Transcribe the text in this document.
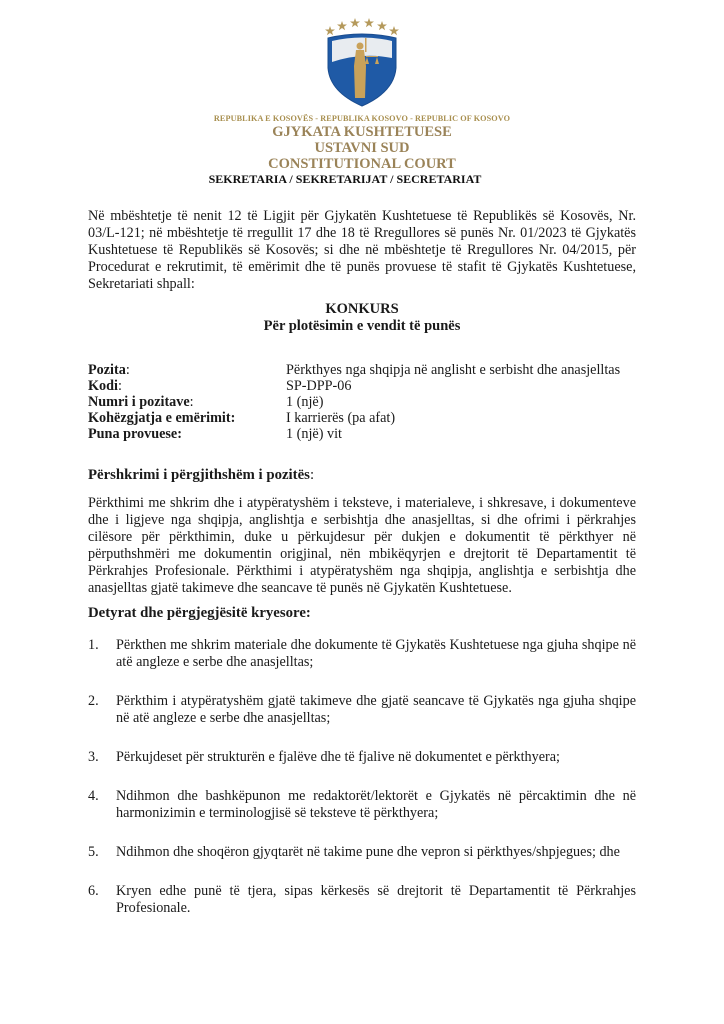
REPUBLIKA E KOSOVËS - REPUBLIKA KOSOVO - REPUBLIC OF KOSOVO
GJYKATA KUSHTETUESE
USTAVNI SUD
CONSTITUTIONAL COURT
SEKRETARIA / SEKRETARIJAT / SECRETARIAT
Në mbështetje të nenit 12 të Ligjit për Gjykatën Kushtetuese të Republikës së Kosovës, Nr. 03/L-121; në mbështetje të rregullit 17 dhe 18 të Rregullores së punës Nr. 01/2023 të Gjykatës Kushtetuese të Republikës së Kosovës; si dhe në mbështetje të Rregullores Nr. 04/2015, për Procedurat e rekrutimit, të emërimit dhe të punës provuese të stafit të Gjykatës Kushtetuese, Sekretariati shpall:
KONKURS
Për plotësimin e vendit të punës
Pozita:	Përkthyes nga shqipja në anglisht e serbisht dhe anasjelltas
Kodi:	SP-DPP-06
Numri i pozitave:	1 (një)
Kohëzgjatja e emërimit:	I karrierës (pa afat)
Puna provuese:	1 (një) vit
Përshkrimi i përgjithshëm i pozitës:
Përkthimi me shkrim dhe i atypëratyshëm i teksteve, i materialeve, i shkresave, i dokumenteve dhe i ligjeve nga shqipja, anglishtja e serbishtja dhe anasjelltas, si dhe ofrimi i përkrahjes cilësore për përkthimin, duke u përkujdesur për dukjen e dokumentit të përkthyer në përputhshmëri me dokumentin origjinal, nën mbikëqyrjen e drejtorit të Departamentit të Përkrahjes Profesionale. Përkthimi i atypëratyshëm nga shqipja, anglishtja e serbishtja dhe anasjelltas gjatë takimeve dhe seancave të punës në Gjykatën Kushtetuese.
Detyrat dhe përgjegjësitë kryesore:
1.	Përkthen me shkrim materiale dhe dokumente të Gjykatës Kushtetuese nga gjuha shqipe në atë angleze e serbe dhe anasjelltas;
2.	Përkthim i atypëratyshëm gjatë takimeve dhe gjatë seancave të Gjykatës nga gjuha shqipe në atë angleze e serbe dhe anasjelltas;
3.	Përkujdeset për strukturën e fjalëve dhe të fjalive në dokumentet e përkthyera;
4.	Ndihmon dhe bashkëpunon me redaktorët/lektorët e Gjykatës në përcaktimin dhe në harmonizimin e terminologjisë së teksteve të përkthyera;
5.	Ndihmon dhe shoqëron gjyqtarët në takime pune dhe vepron si përkthyes/shpjegues; dhe
6.	Kryen edhe punë të tjera, sipas kërkesës së drejtorit të Departamentit të Përkrahjes Profesionale.
